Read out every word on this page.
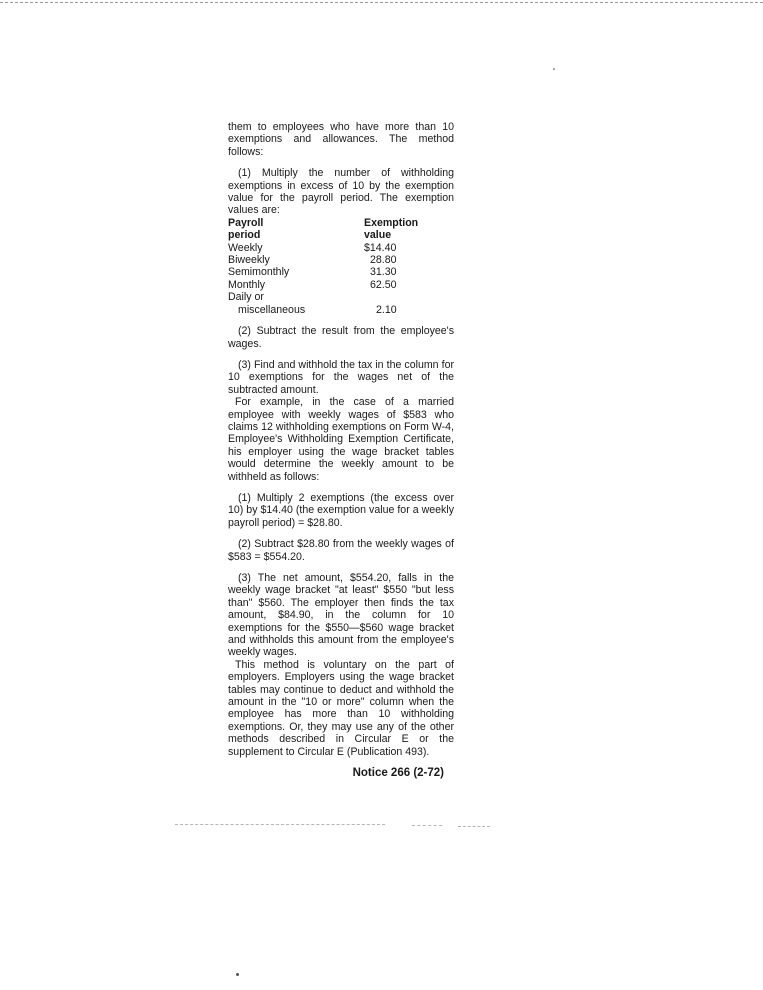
them to employees who have more than 10 exemptions and allowances. The method follows:

(1) Multiply the number of withholding exemptions in excess of 10 by the exemption value for the payroll period. The exemption values are:

Payroll	Exemption
period	value
Weekly	$14.40
Biweekly	28.80
Semimonthly	31.30
Monthly	62.50
Daily or	
miscellaneous	2.10

(2) Subtract the result from the employee's wages.

(3) Find and withhold the tax in the column for 10 exemptions for the wages net of the subtracted amount.

For example, in the case of a married employee with weekly wages of $583 who claims 12 withholding exemptions on Form W-4, Employee's Withholding Exemption Certificate, his employer using the wage bracket tables would determine the weekly amount to be withheld as follows:

(1) Multiply 2 exemptions (the excess over 10) by $14.40 (the exemption value for a weekly payroll period) = $28.80.

(2) Subtract $28.80 from the weekly wages of $583 = $554.20.

(3) The net amount, $554.20, falls in the weekly wage bracket "at least" $550 "but less than" $560. The employer then finds the tax amount, $84.90, in the column for 10 exemptions for the $550—$560 wage bracket and withholds this amount from the employee's weekly wages.

This method is voluntary on the part of employers. Employers using the wage bracket tables may continue to deduct and withhold the amount in the "10 or more" column when the employee has more than 10 withholding exemptions. Or, they may use any of the other methods described in Circular E or the supplement to Circular E (Publication 493).

Notice 266 (2-72)
